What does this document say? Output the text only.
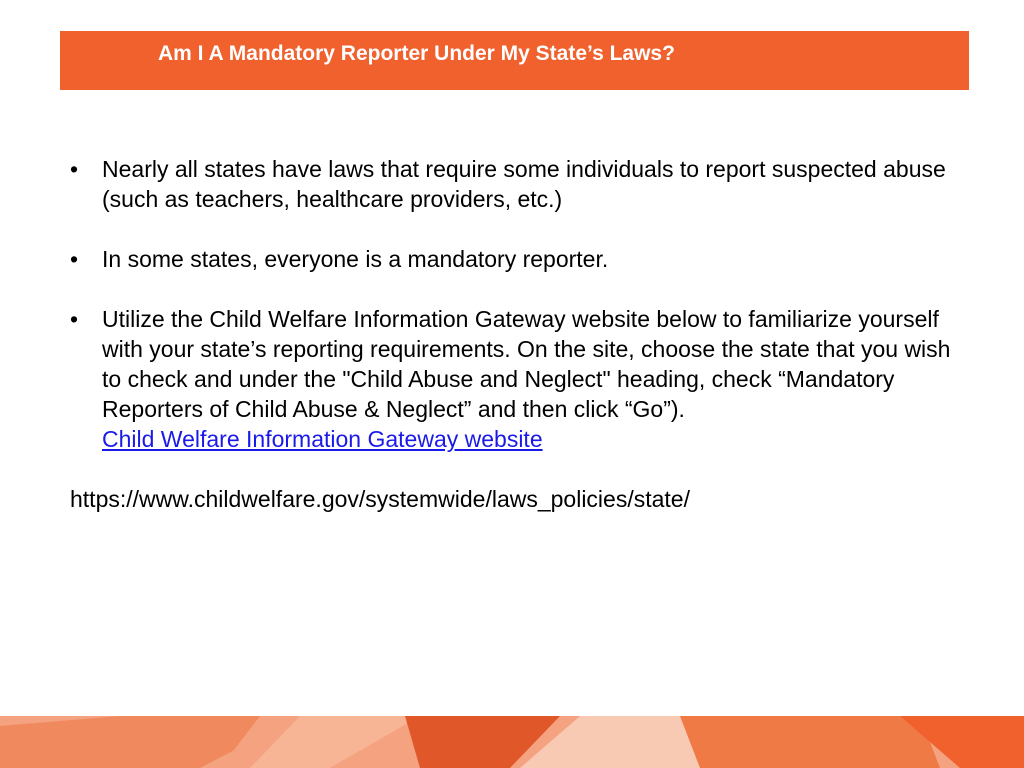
Am I A Mandatory Reporter Under My State’s Laws?
• Nearly all states have laws that require some individuals to report suspected abuse (such as teachers, healthcare providers, etc.)
• In some states, everyone is a mandatory reporter.
• Utilize the Child Welfare Information Gateway website below to familiarize yourself with your state’s reporting requirements. On the site, choose the state that you wish to check and under the "Child Abuse and Neglect" heading, check “Mandatory Reporters of Child Abuse & Neglect” and then click “Go”).
Child Welfare Information Gateway website
https://www.childwelfare.gov/systemwide/laws_policies/state/
